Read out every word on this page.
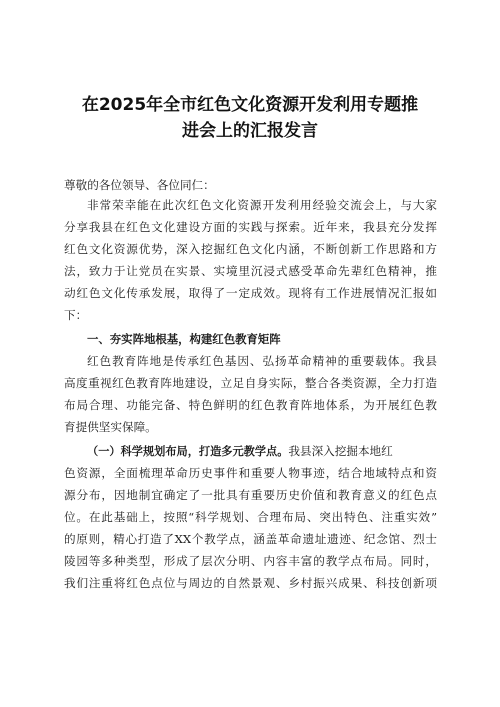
在2025年全市红色文化资源开发利用专题推
进会上的汇报发言
尊敬的各位领导、各位同仁：
非常荣幸能在此次红色文化资源开发利用经验交流会上，与大家
分享我县在红色文化建设方面的实践与探索。近年来，我县充分发挥
红色文化资源优势，深入挖掘红色文化内涵，不断创新工作思路和方
法，致力于让党员在实景、实境里沉浸式感受革命先辈红色精神，推
动红色文化传承发展，取得了一定成效。现将有工作进展情况汇报如
下：
一、夯实阵地根基，构建红色教育矩阵
红色教育阵地是传承红色基因、弘扬革命精神的重要载体。我县
高度重视红色教育阵地建设，立足自身实际，整合各类资源，全力打造
布局合理、功能完备、特色鲜明的红色教育阵地体系，为开展红色教
育提供坚实保障。
（一）科学规划布局，打造多元教学点。我县深入挖掘本地红
色资源，全面梳理革命历史事件和重要人物事迹，结合地域特点和资
源分布，因地制宜确定了一批具有重要历史价值和教育意义的红色点
位。在此基础上，按照“科学规划、合理布局、突出特色、注重实效”
的原则，精心打造了XX个教学点，涵盖革命遗址遗迹、纪念馆、烈士
陵园等多种类型，形成了层次分明、内容丰富的教学点布局。同时，
我们注重将红色点位与周边的自然景观、乡村振兴成果、科技创新项
